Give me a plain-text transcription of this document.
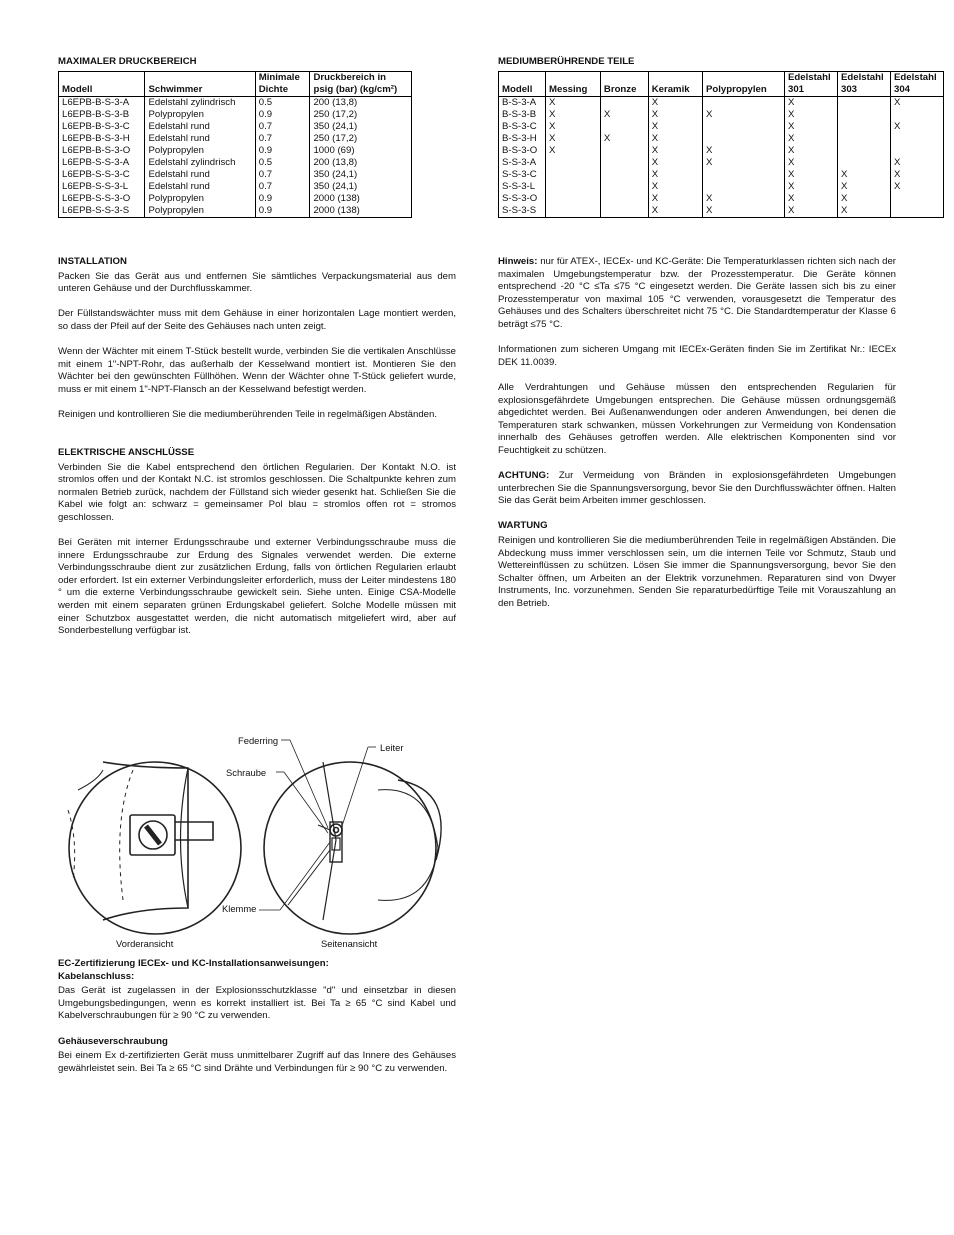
MAXIMALER DRUCKBEREICH
Modell	Schwimmer	Minimale Dichte	Druckbereich in psig (bar) (kg/cm²)
L6EPB-B-S-3-A	Edelstahl zylindrisch	0.5	200 (13,8)
L6EPB-B-S-3-B	Polypropylen	0.9	250 (17,2)
L6EPB-B-S-3-C	Edelstahl rund	0.7	350 (24,1)
L6EPB-B-S-3-H	Edelstahl rund	0.7	250 (17,2)
L6EPB-B-S-3-O	Polypropylen	0.9	1000 (69)
L6EPB-S-S-3-A	Edelstahl zylindrisch	0.5	200 (13,8)
L6EPB-S-S-3-C	Edelstahl rund	0.7	350 (24,1)
L6EPB-S-S-3-L	Edelstahl rund	0.7	350 (24,1)
L6EPB-S-S-3-O	Polypropylen	0.9	2000 (138)
L6EPB-S-S-3-S	Polypropylen	0.9	2000 (138)
MEDIUMBERÜHRENDE TEILE
Modell	Messing	Bronze	Keramik	Polypropylen	Edelstahl 301	Edelstahl 303	Edelstahl 304
B-S-3-A	X		X		X		X
B-S-3-B	X	X	X	X	X		
B-S-3-C	X		X		X		X
B-S-3-H	X	X	X		X		
B-S-3-O	X		X	X	X		
S-S-3-A			X	X	X		X
S-S-3-C			X		X	X	X
S-S-3-L			X		X	X	X
S-S-3-O			X	X	X	X	
S-S-3-S			X	X	X	X	
INSTALLATION

Packen Sie das Gerät aus und entfernen Sie sämtliches Verpackungsmaterial aus dem unteren Gehäuse und der Durchflusskammer.

Der Füllstandswächter muss mit dem Gehäuse in einer horizontalen Lage montiert werden, so dass der Pfeil auf der Seite des Gehäuses nach unten zeigt.

Wenn der Wächter mit einem T-Stück bestellt wurde, verbinden Sie die vertikalen Anschlüsse mit einem 1"-NPT-Rohr, das außerhalb der Kesselwand montiert ist. Montieren Sie den Wächter bei den gewünschten Füllhöhen. Wenn der Wächter ohne T-Stück geliefert wurde, muss er mit einem 1"-NPT-Flansch an der Kesselwand befestigt werden.

Reinigen und kontrollieren Sie die mediumberührenden Teile in regelmäßigen Abständen.

ELEKTRISCHE ANSCHLÜSSE

Verbinden Sie die Kabel entsprechend den örtlichen Regularien. Der Kontakt N.O. ist stromlos offen und der Kontakt N.C. ist stromlos geschlossen. Die Schaltpunkte kehren zum normalen Betrieb zurück, nachdem der Füllstand sich wieder gesenkt hat. Schließen Sie die Kabel wie folgt an: schwarz = gemeinsamer Pol blau = stromlos offen rot = stromos geschlossen.

Bei Geräten mit interner Erdungsschraube und externer Verbindungsschraube muss die innere Erdungsschraube zur Erdung des Signales verwendet werden. Die externe Verbindungsschraube dient zur zusätzlichen Erdung, falls von örtlichen Regularien erlaubt oder erfordert. Ist ein externer Verbindungsleiter erforderlich, muss der Leiter mindestens 180 ° um die externe Verbindungsschraube gewickelt sein. Siehe unten. Einige CSA-Modelle werden mit einem separaten grünen Erdungskabel geliefert. Solche Modelle müssen mit einer Schutzbox ausgestattet werden, die nicht automatisch mitgeliefert wird, aber auf Sonderbestellung verfügbar ist.

Federring
Leiter
Schraube
Klemme
Vorderansicht	Seitenansicht
EC-Zertifizierung IECEx- und KC-Installationsanweisungen:
Kabelanschluss:

Das Gerät ist zugelassen in der Explosionsschutzklasse "d" und einsetzbar in diesen Umgebungsbedingungen, wenn es korrekt installiert ist. Bei Ta ≥ 65 °C sind Kabel und Kabelverschraubungen für ≥ 90 °C zu verwenden.

Gehäuseverschraubung

Bei einem Ex d-zertifizierten Gerät muss unmittelbarer Zugriff auf das Innere des Gehäuses gewährleistet sein. Bei Ta ≥ 65 °C sind Drähte und Verbindungen für ≥ 90 °C zu verwenden.

Hinweis: nur für ATEX-, IECEx- und KC-Geräte: Die Temperaturklassen richten sich nach der maximalen Umgebungstemperatur bzw. der Prozesstemperatur. Die Geräte können entsprechend -20 °C ≤Ta ≤75 °C eingesetzt werden. Die Geräte lassen sich bis zu einer Prozesstemperatur von maximal 105 °C verwenden, vorausgesetzt die Temperatur des Gehäuses und des Schalters überschreitet nicht 75 °C. Die Standardtemperatur der Klasse 6 beträgt ≤75 °C.

Informationen zum sicheren Umgang mit IECEx-Geräten finden Sie im Zertifikat Nr.: IECEx DEK 11.0039.

Alle Verdrahtungen und Gehäuse müssen den entsprechenden Regularien für explosionsgefährdete Umgebungen entsprechen. Die Gehäuse müssen ordnungsgemäß abgedichtet werden. Bei Außenanwendungen oder anderen Anwendungen, bei denen die Temperaturen stark schwanken, müssen Vorkehrungen zur Vermeidung von Kondensation innerhalb des Gehäuses getroffen werden. Alle elektrischen Komponenten sind vor Feuchtigkeit zu schützen.

ACHTUNG: Zur Vermeidung von Bränden in explosionsgefährdeten Umgebungen unterbrechen Sie die Spannungsversorgung, bevor Sie den Durchflusswächter öffnen. Halten Sie das Gerät beim Arbeiten immer geschlossen.

WARTUNG

Reinigen und kontrollieren Sie die mediumberührenden Teile in regelmäßigen Abständen. Die Abdeckung muss immer verschlossen sein, um die internen Teile vor Schmutz, Staub und Wettereinflüssen zu schützen. Lösen Sie immer die Spannungsversorgung, bevor Sie den Schalter öffnen, um Arbeiten an der Elektrik vorzunehmen. Reparaturen sind von Dwyer Instruments, Inc. vorzunehmen. Senden Sie reparaturbedürftige Teile mit Vorauszahlung an den Betrieb.
